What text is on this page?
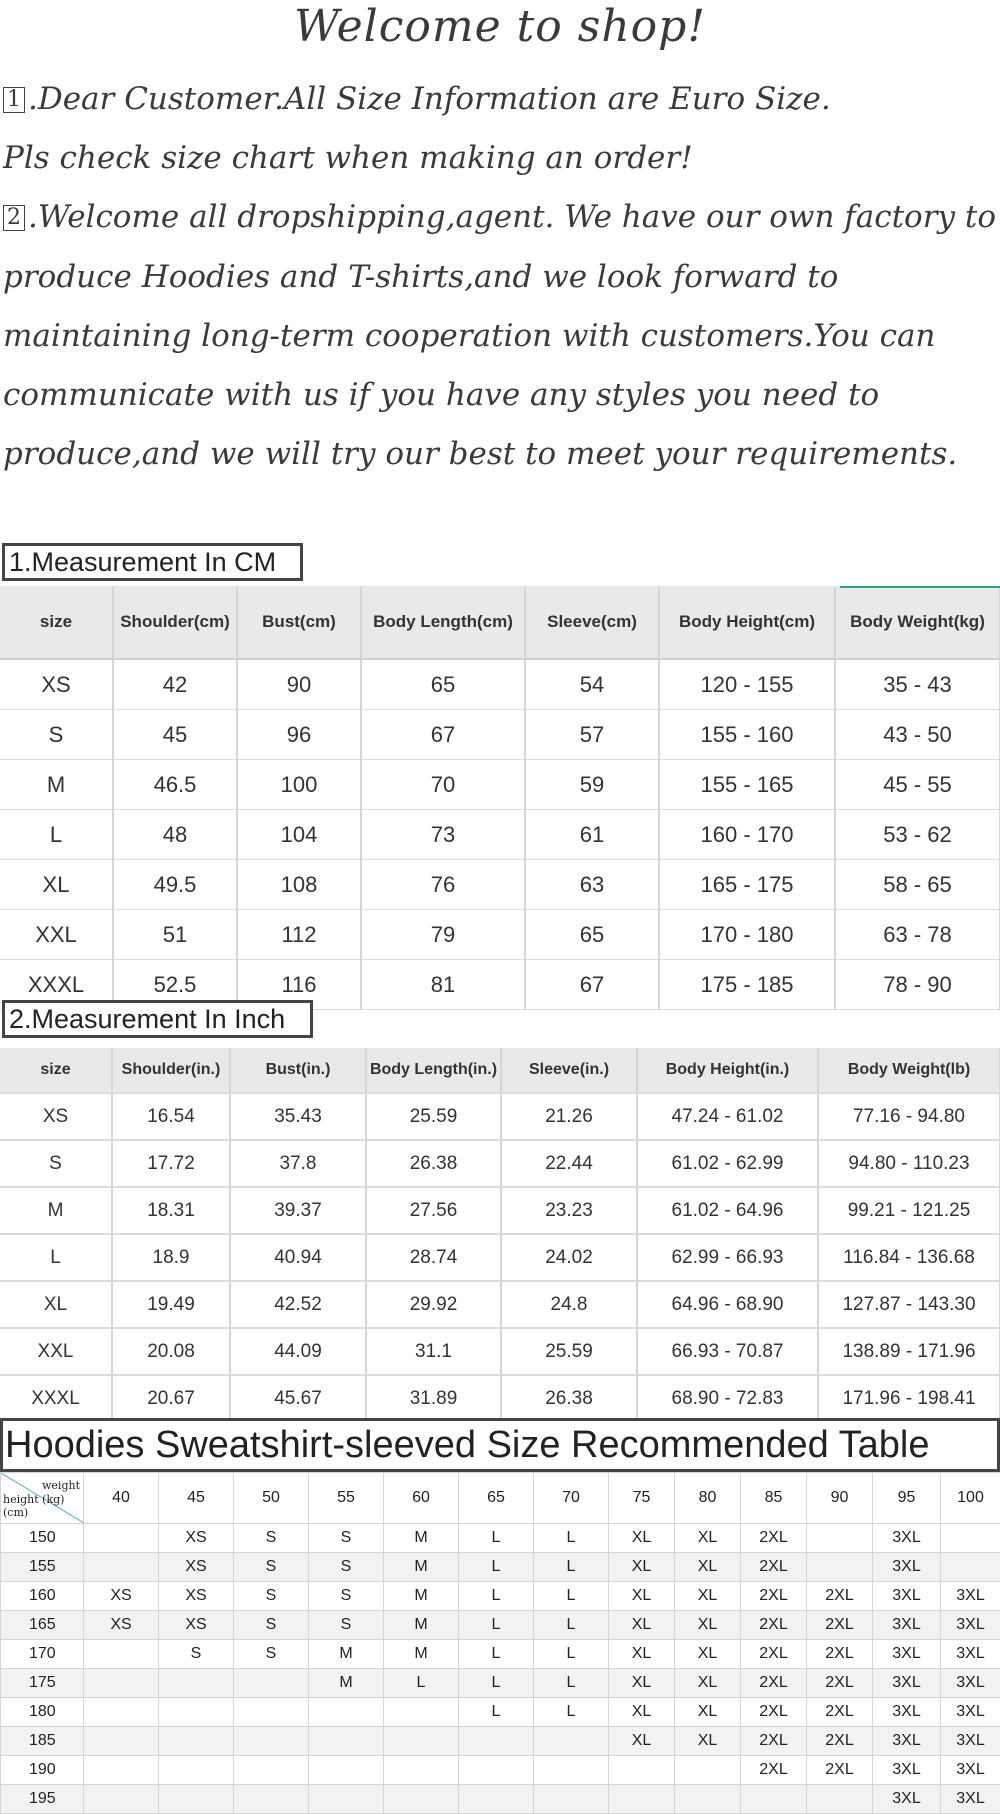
Welcome to shop!

1 .Dear Customer.All Size Information are Euro Size.
Pls check size chart when making an order!

2 .Welcome all dropshipping,agent. We have our own factory to produce Hoodies and T-shirts,and we look forward to maintaining long-term cooperation with customers.You can communicate with us if you have any styles you need to produce,and we will try our best to meet your requirements.

1.Measurement In CM
size	Shoulder(cm)	Bust(cm)	Body Length(cm)	Sleeve(cm)	Body Height(cm)	Body Weight(kg)
XS	42	90	65	54	120 - 155	35 - 43
S	45	96	67	57	155 - 160	43 - 50
M	46.5	100	70	59	155 - 165	45 - 55
L	48	104	73	61	160 - 170	53 - 62
XL	49.5	108	76	63	165 - 175	58 - 65
XXL	51	112	79	65	170 - 180	63 - 78
XXXL	52.5	116	81	67	175 - 185	78 - 90
2.Measurement In Inch
size	Shoulder(in.)	Bust(in.)	Body Length(in.)	Sleeve(in.)	Body Height(in.)	Body Weight(lb)
XS	16.54	35.43	25.59	21.26	47.24 - 61.02	77.16 - 94.80
S	17.72	37.8	26.38	22.44	61.02 - 62.99	94.80 - 110.23
M	18.31	39.37	27.56	23.23	61.02 - 64.96	99.21 - 121.25
L	18.9	40.94	28.74	24.02	62.99 - 66.93	116.84 - 136.68
XL	19.49	42.52	29.92	24.8	64.96 - 68.90	127.87 - 143.30
XXL	20.08	44.09	31.1	25.59	66.93 - 70.87	138.89 - 171.96
XXXL	20.67	45.67	31.89	26.38	68.90 - 72.83	171.96 - 198.41
Hoodies Sweatshirt-sleeved Size Recommended Table
weight
height (kg)
(cm)	40	45	50	55	60	65	70	75	80	85	90	95	100
150		XS	S	S	M	L	L	XL	XL	2XL		3XL	
155		XS	S	S	M	L	L	XL	XL	2XL		3XL	
160	XS	XS	S	S	M	L	L	XL	XL	2XL	2XL	3XL	3XL
165	XS	XS	S	S	M	L	L	XL	XL	2XL	2XL	3XL	3XL
170		S	S	M	M	L	L	XL	XL	2XL	2XL	3XL	3XL
175				M	L	L	L	XL	XL	2XL	2XL	3XL	3XL
180						L	L	XL	XL	2XL	2XL	3XL	3XL
185								XL	XL	2XL	2XL	3XL	3XL
190										2XL	2XL	3XL	3XL
195												3XL	3XL
